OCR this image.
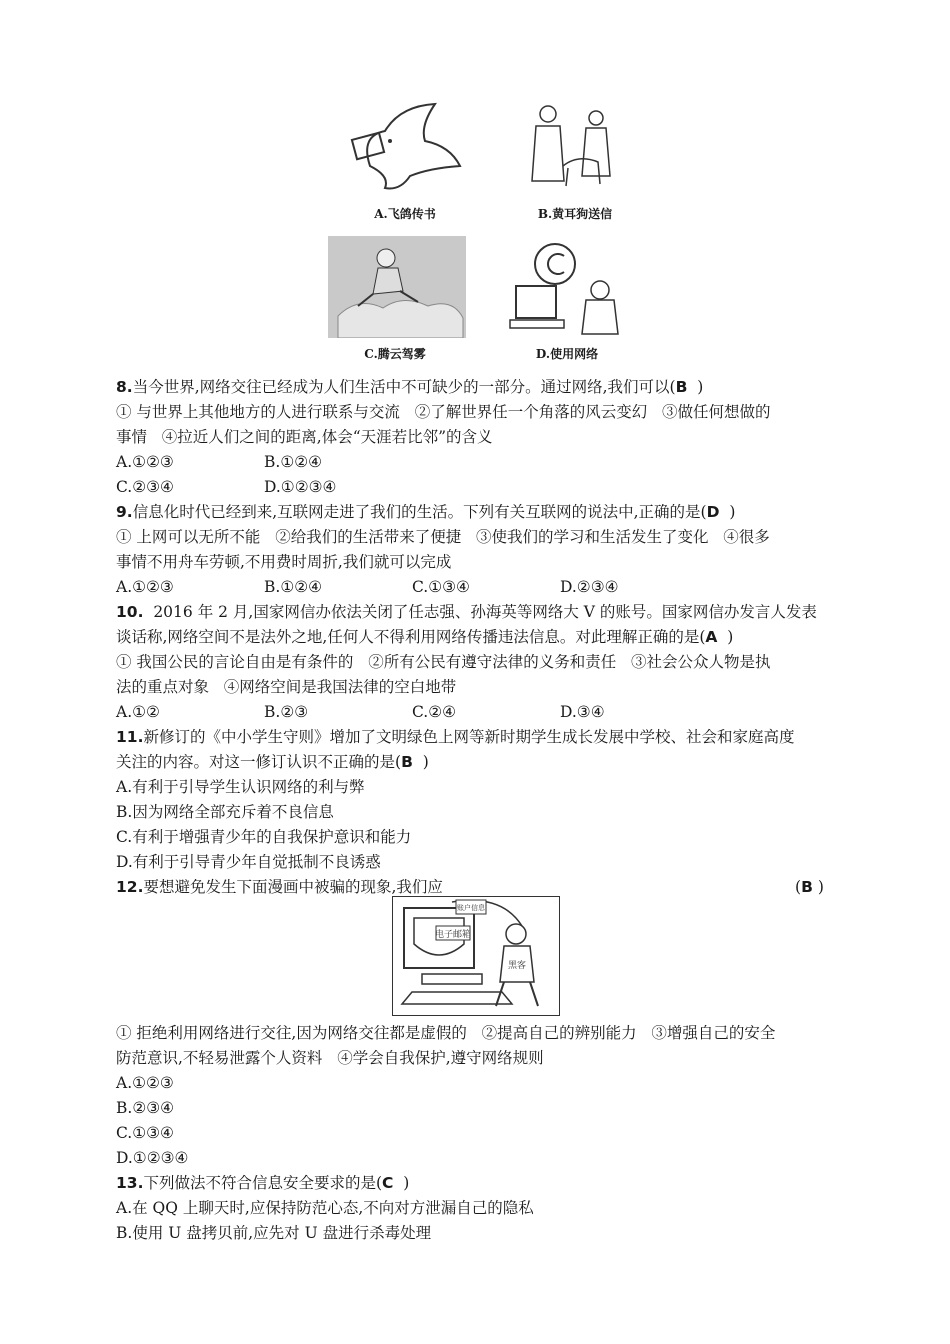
A.飞鸽传书	B.黄耳狗送信
C.腾云驾雾	D.使用网络
8.当今世界,网络交往已经成为人们生活中不可缺少的一部分。通过网络,我们可以(B  )
① 与世界上其他地方的人进行联系与交流   ②了解世界任一个角落的风云变幻   ③做任何想做的
事情   ④拉近人们之间的距离,体会“天涯若比邻”的含义
A.①②③	B.①②④
C.②③④	D.①②③④
9.信息化时代已经到来,互联网走进了我们的生活。下列有关互联网的说法中,正确的是(D  )
① 上网可以无所不能   ②给我们的生活带来了便捷   ③使我们的学习和生活发生了变化   ④很多
事情不用舟车劳顿,不用费时周折,我们就可以完成
A.①②③	B.①②④	C.①③④	D.②③④
10.  2016 年 2 月,国家网信办依法关闭了任志强、孙海英等网络大 V 的账号。国家网信办发言人发表
谈话称,网络空间不是法外之地,任何人不得利用网络传播违法信息。对此理解正确的是(A  )
① 我国公民的言论自由是有条件的   ②所有公民有遵守法律的义务和责任   ③社会公众人物是执
法的重点对象   ④网络空间是我国法律的空白地带
A.①②	B.②③	C.②④	D.③④
11.新修订的《中小学生守则》增加了文明绿色上网等新时期学生成长发展中学校、社会和家庭高度
关注的内容。对这一修订认识不正确的是(B  )
A.有利于引导学生认识网络的利与弊
B.因为网络全部充斥着不良信息
C.有利于增强青少年的自我保护意识和能力
D.有利于引导青少年自觉抵制不良诱惑
12.要想避免发生下面漫画中被骗的现象,我们应	(B )
电子邮箱
账户信息
黑客
① 拒绝利用网络进行交往,因为网络交往都是虚假的   ②提高自己的辨别能力   ③增强自己的安全
防范意识,不轻易泄露个人资料   ④学会自我保护,遵守网络规则
A.①②③
B.②③④
C.①③④
D.①②③④
13.下列做法不符合信息安全要求的是(C  )
A.在 QQ 上聊天时,应保持防范心态,不向对方泄漏自己的隐私
B.使用 U 盘拷贝前,应先对 U 盘进行杀毒处理
